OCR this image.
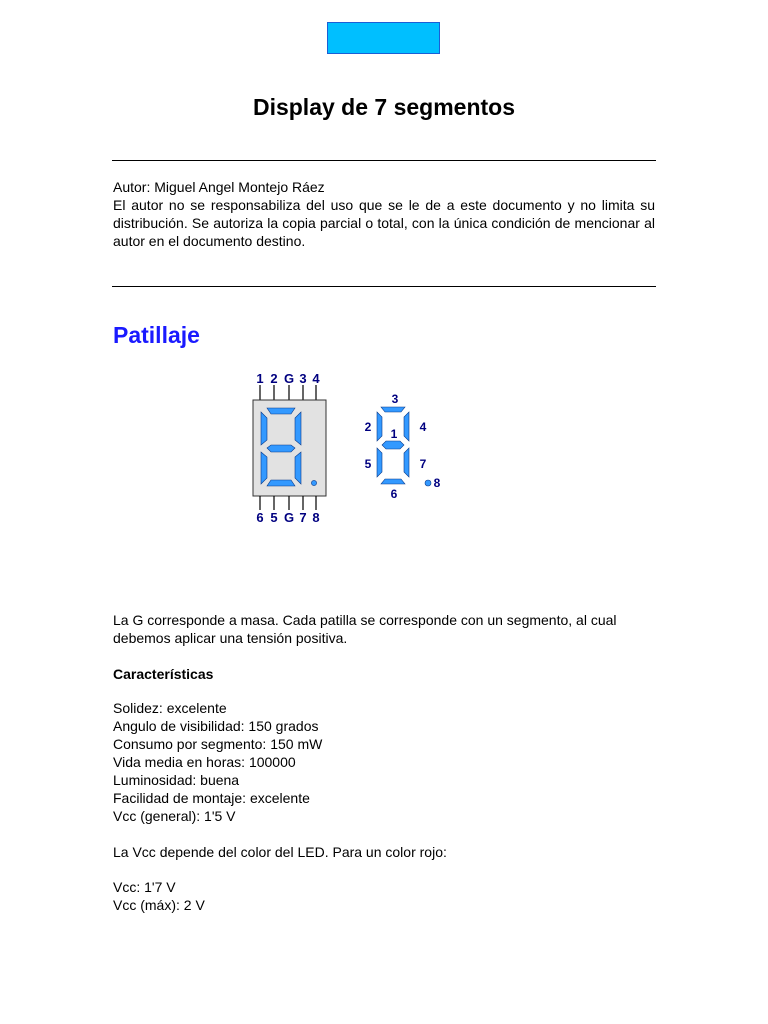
Display de 7 segmentos

Autor: Miguel Angel Montejo Ráez

El autor no se responsabiliza del uso que se le de a este documento y no limita su distribución. Se autoriza la copia parcial o total, con la única condición de mencionar al autor en el documento destino.

Patillaje
1 2 G 3 4
6 5 G 7 8
3
2 1 4
5	7
6
8

La G corresponde a masa. Cada patilla se corresponde con un segmento, al cual debemos aplicar una tensión positiva.

Características

Solidez: excelente

Angulo de visibilidad: 150 grados

Consumo por segmento: 150 mW

Vida media en horas: 100000

Luminosidad: buena

Facilidad de montaje: excelente

Vcc (general): 1'5 V

La Vcc depende del color del LED. Para un color rojo:

Vcc: 1'7 V

Vcc (máx): 2 V
